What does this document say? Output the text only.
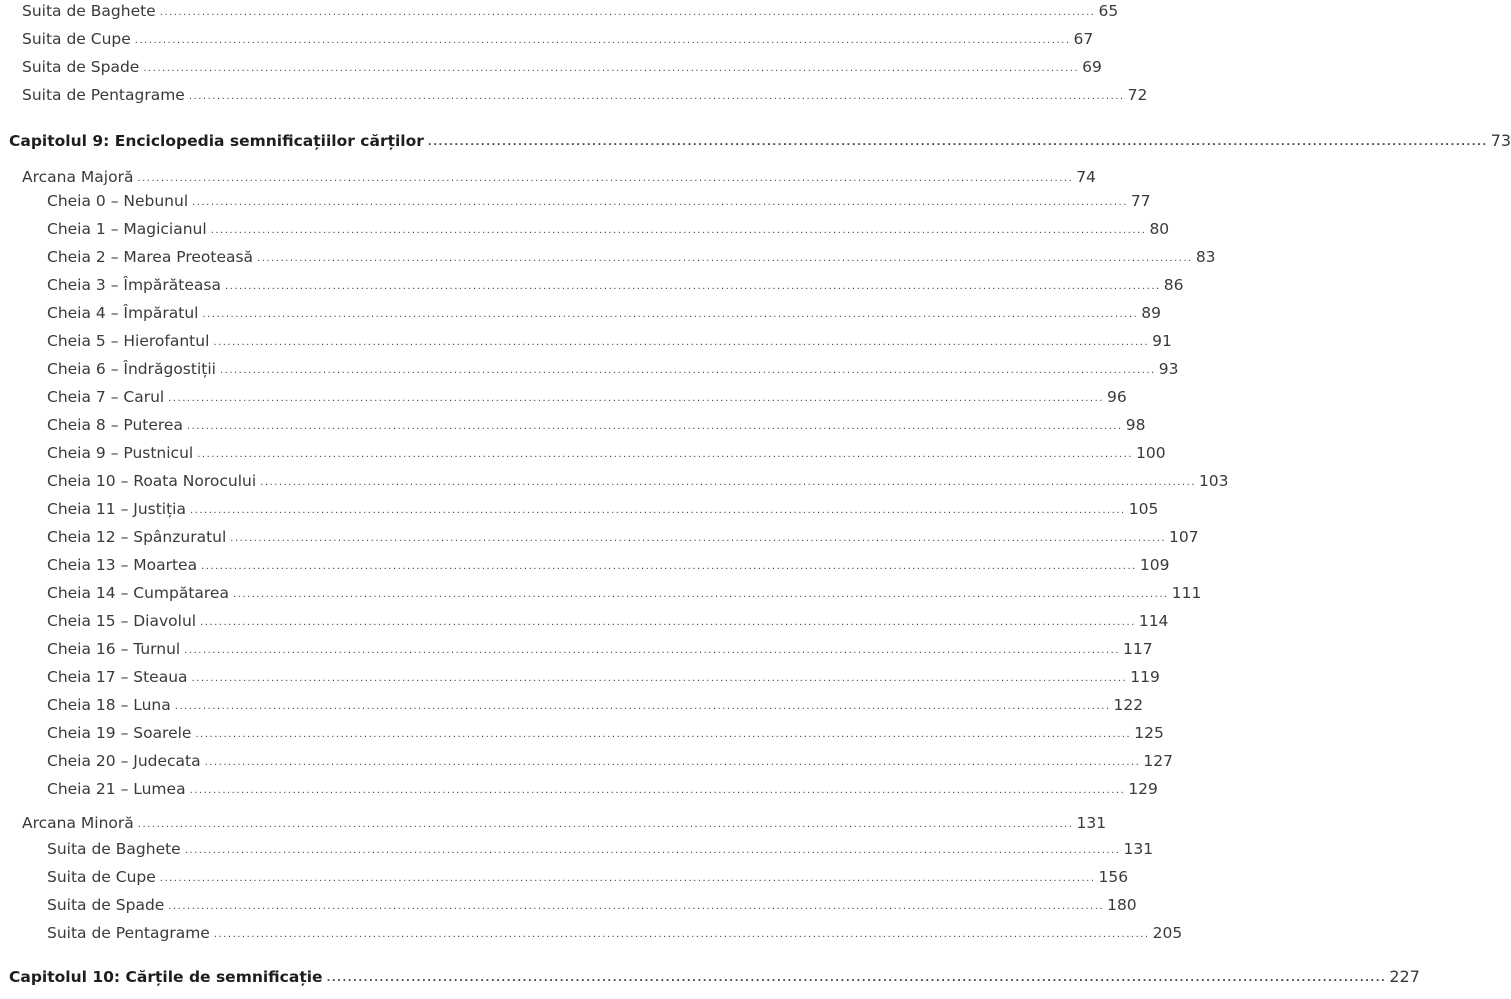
Suita de Baghete ........................................................................................................................................................................................................ 65
Suita de Cupe ........................................................................................................................................................................................................ 67
Suita de Spade ........................................................................................................................................................................................................ 69
Suita de Pentagrame ........................................................................................................................................................................................................ 72
Capitolul 9: Enciclopedia semnificațiilor cărților ........................................................................................................................................................................................................ 73
Arcana Majoră ........................................................................................................................................................................................................ 74
Cheia 0 – Nebunul ........................................................................................................................................................................................................ 77
Cheia 1 – Magicianul ........................................................................................................................................................................................................ 80
Cheia 2 – Marea Preoteasă ........................................................................................................................................................................................................ 83
Cheia 3 – Împărăteasa ........................................................................................................................................................................................................ 86
Cheia 4 – Împăratul ........................................................................................................................................................................................................ 89
Cheia 5 – Hierofantul ........................................................................................................................................................................................................ 91
Cheia 6 – Îndrăgostiții ........................................................................................................................................................................................................ 93
Cheia 7 – Carul ........................................................................................................................................................................................................ 96
Cheia 8 – Puterea ........................................................................................................................................................................................................ 98
Cheia 9 – Pustnicul ........................................................................................................................................................................................................ 100
Cheia 10 – Roata Norocului ........................................................................................................................................................................................................ 103
Cheia 11 – Justiția ........................................................................................................................................................................................................ 105
Cheia 12 – Spânzuratul ........................................................................................................................................................................................................ 107
Cheia 13 – Moartea ........................................................................................................................................................................................................ 109
Cheia 14 – Cumpătarea ........................................................................................................................................................................................................ 111
Cheia 15 – Diavolul ........................................................................................................................................................................................................ 114
Cheia 16 – Turnul ........................................................................................................................................................................................................ 117
Cheia 17 – Steaua ........................................................................................................................................................................................................ 119
Cheia 18 – Luna ........................................................................................................................................................................................................ 122
Cheia 19 – Soarele ........................................................................................................................................................................................................ 125
Cheia 20 – Judecata ........................................................................................................................................................................................................ 127
Cheia 21 – Lumea ........................................................................................................................................................................................................ 129
Arcana Minoră ........................................................................................................................................................................................................ 131
Suita de Baghete ........................................................................................................................................................................................................ 131
Suita de Cupe ........................................................................................................................................................................................................ 156
Suita de Spade ........................................................................................................................................................................................................ 180
Suita de Pentagrame ........................................................................................................................................................................................................ 205
Capitolul 10: Cărțile de semnificație ........................................................................................................................................................................................................ 227
